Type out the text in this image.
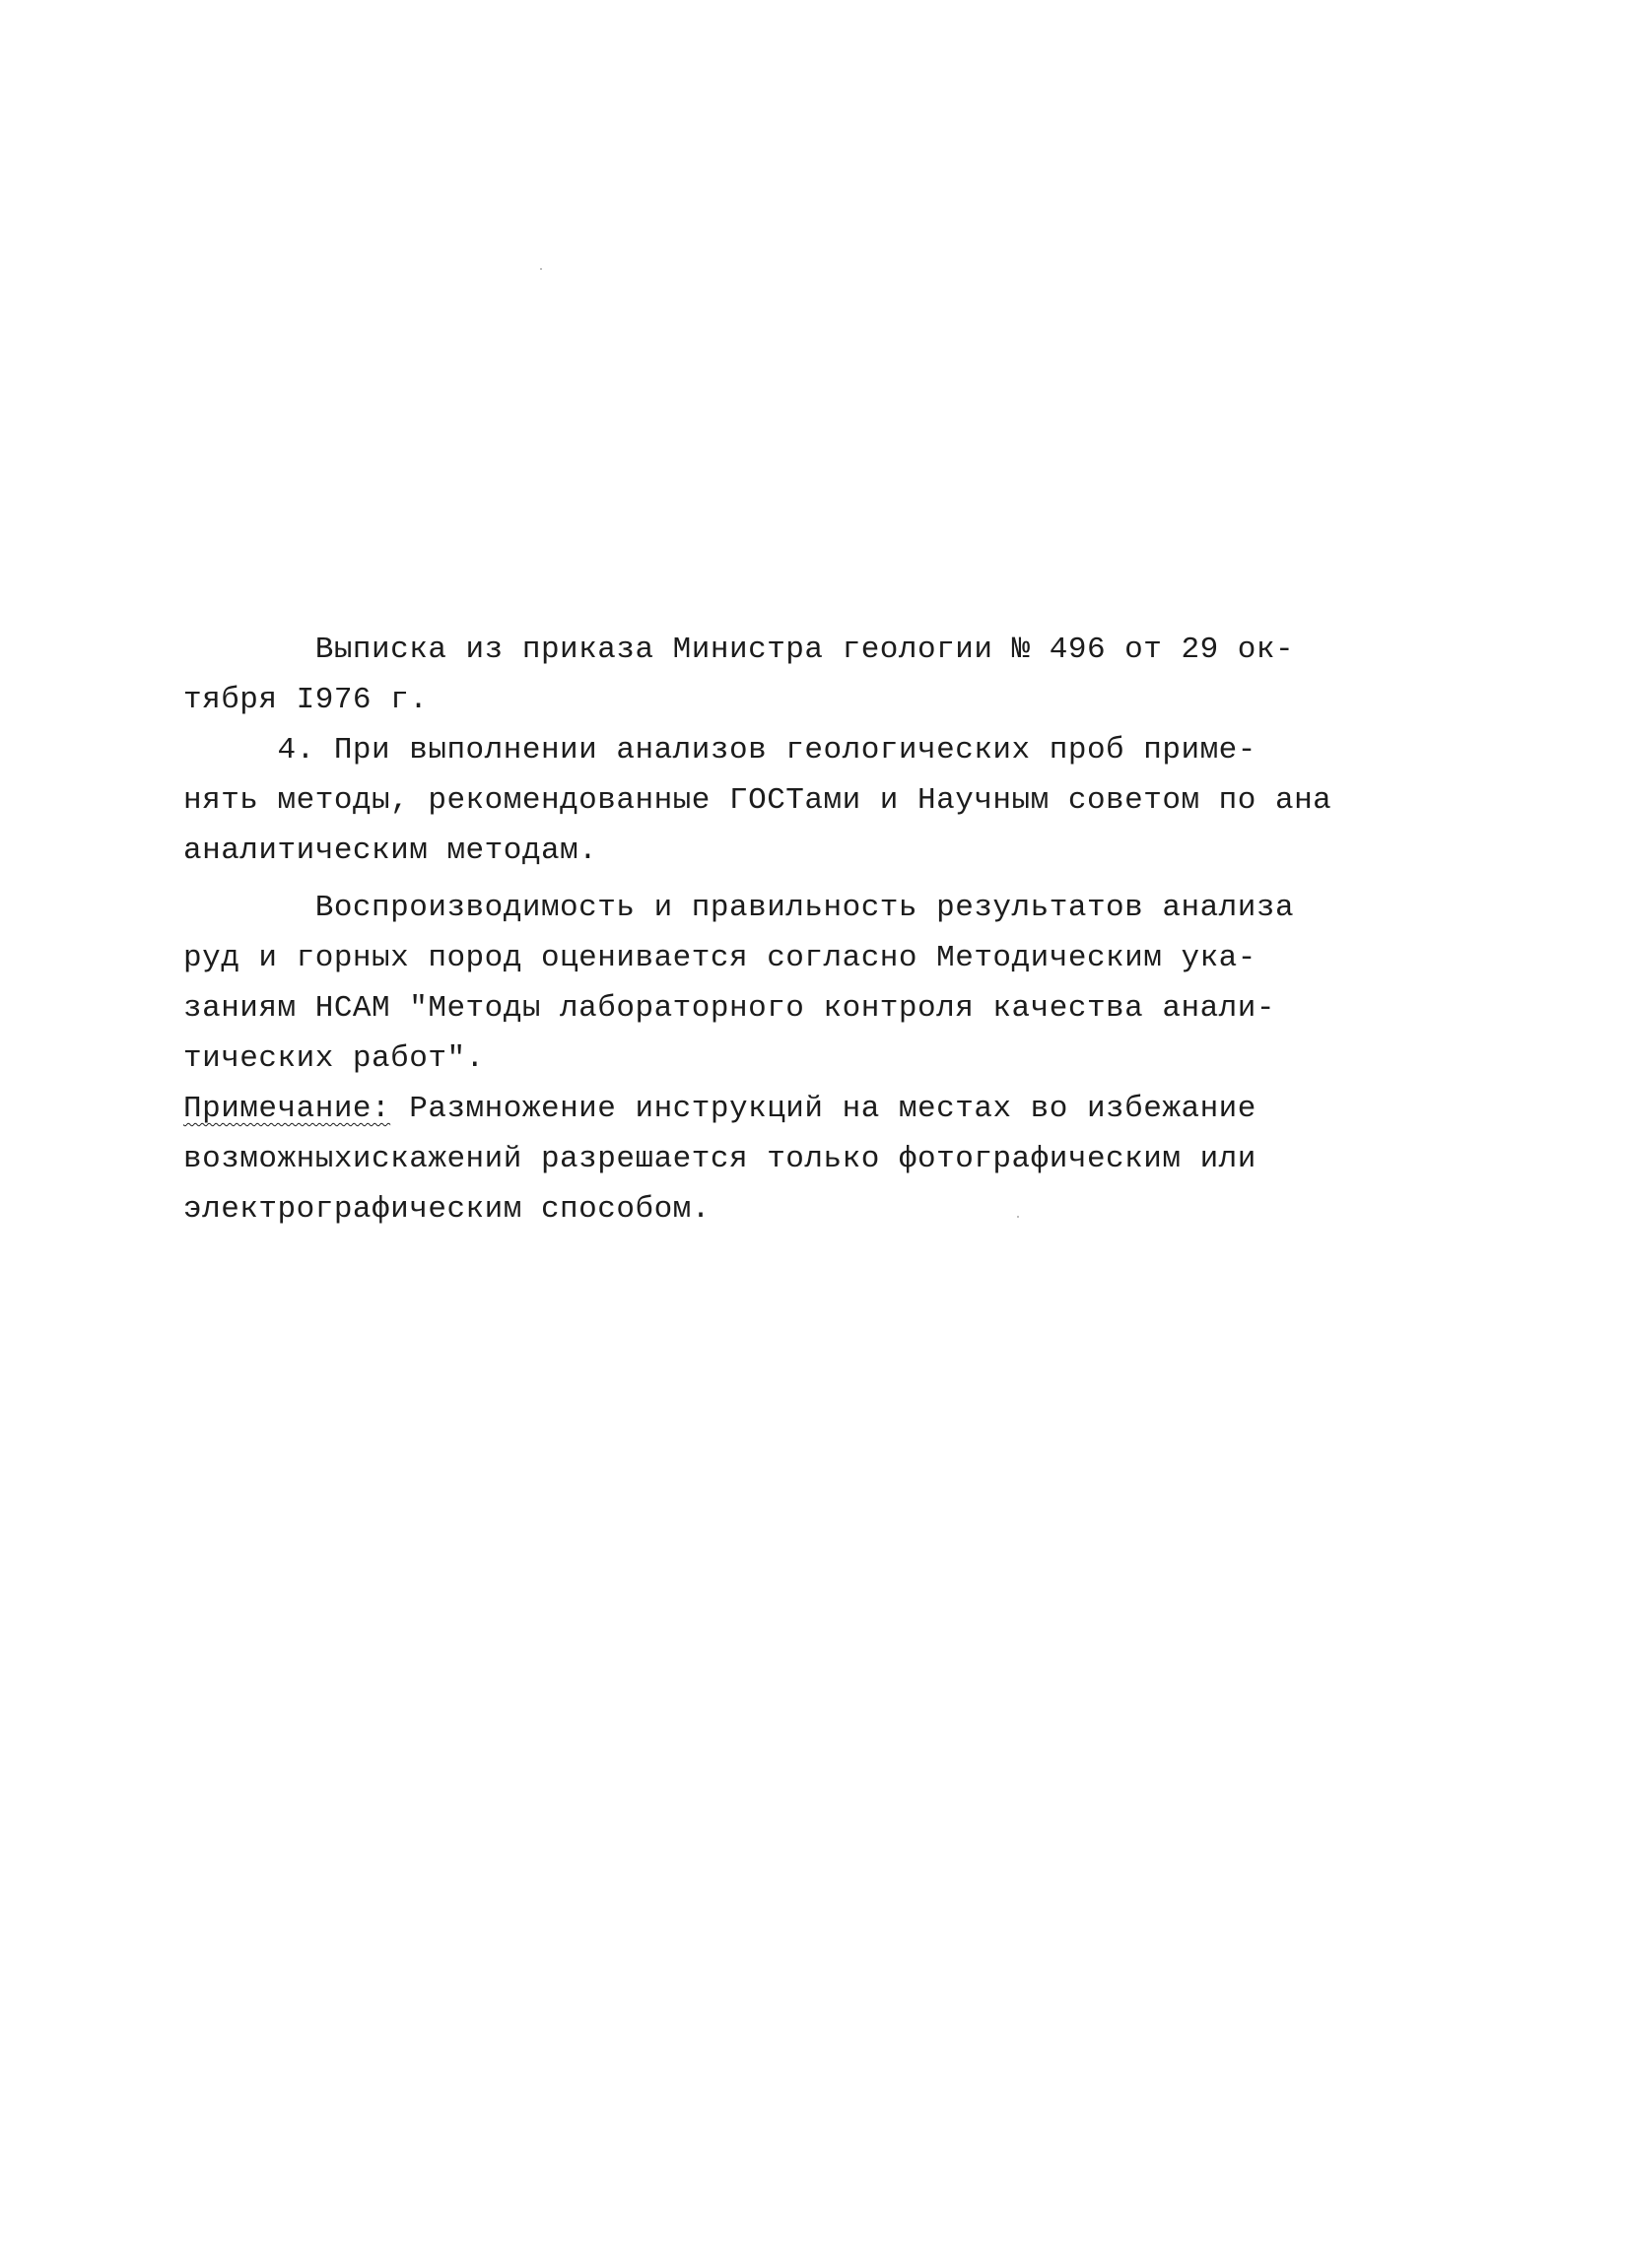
Выписка из приказа Министра геологии № 496 от 29 ок-
тября I976 г.
4. При выполнении анализов геологических проб приме-
нять методы, рекомендованные ГОСТами и Научным советом по ана
аналитическим методам.
Воспроизводимость и правильность результатов анализа
руд и горных пород оценивается согласно Методическим ука-
заниям НСАМ "Методы лабораторного контроля качества анали-
тических работ".
Примечание: Размножение инструкций на местах во избежание
возможныхискажений разрешается только фотографическим или
электрографическим способом.
